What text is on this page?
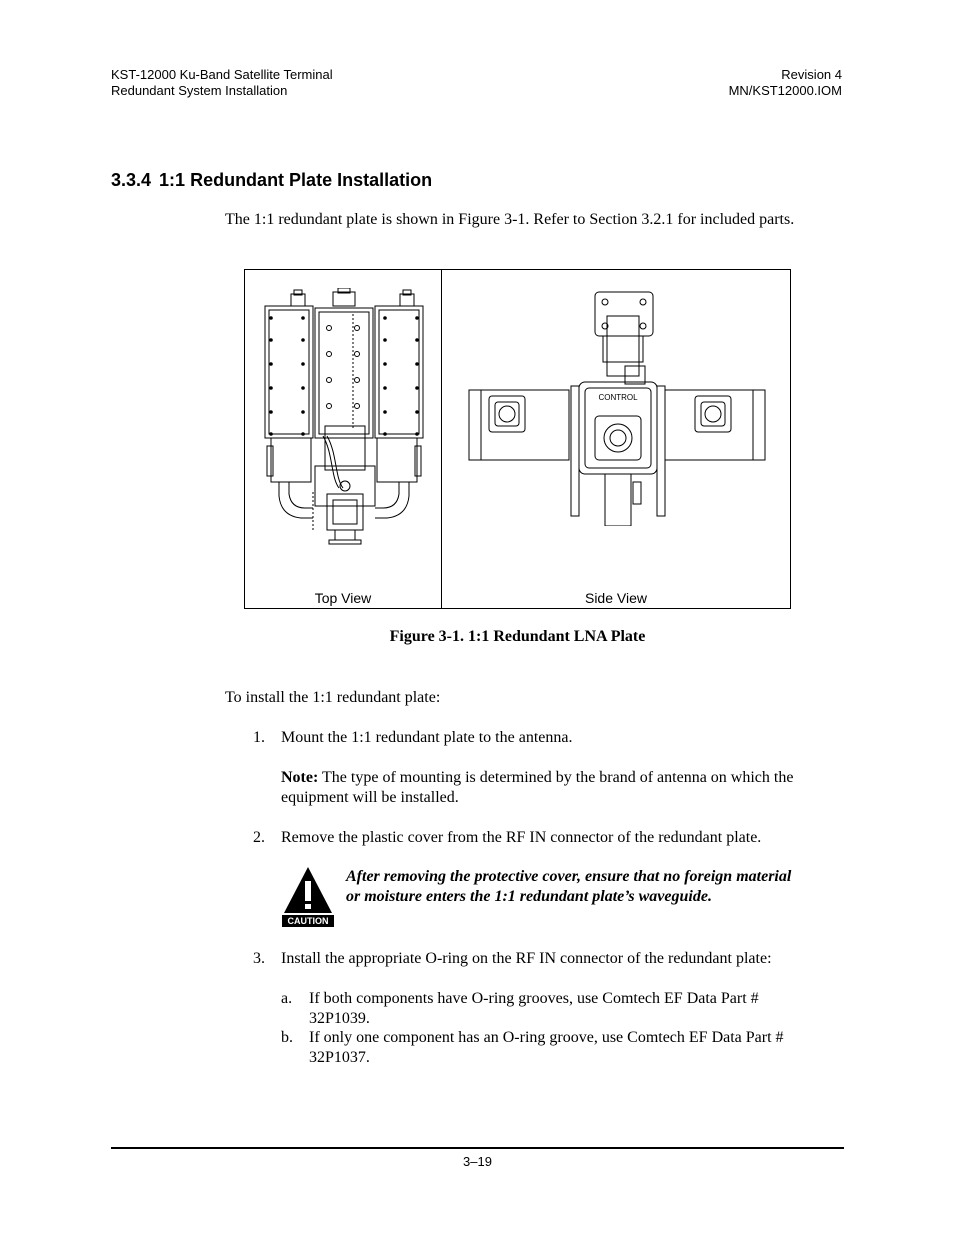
KST-12000 Ku-Band Satellite Terminal
Redundant System Installation
Revision 4
MN/KST12000.IOM
3.3.4 1:1 Redundant Plate Installation
The 1:1 redundant plate is shown in Figure 3-1. Refer to Section 3.2.1 for included parts.
Top View
CONTROL
Side View
Figure 3-1. 1:1 Redundant LNA Plate
To install the 1:1 redundant plate:
1. Mount the 1:1 redundant plate to the antenna.
Note: The type of mounting is determined by the brand of antenna on which the
equipment will be installed.
2. Remove the plastic cover from the RF IN connector of the redundant plate.
CAUTION
After removing the protective cover, ensure that no foreign material
or moisture enters the 1:1 redundant plate’s waveguide.
3. Install the appropriate O-ring on the RF IN connector of the redundant plate:
a. If both components have O-ring grooves, use Comtech EF Data Part #
32P1039.
b. If only one component has an O-ring groove, use Comtech EF Data Part #
32P1037.
3–19
